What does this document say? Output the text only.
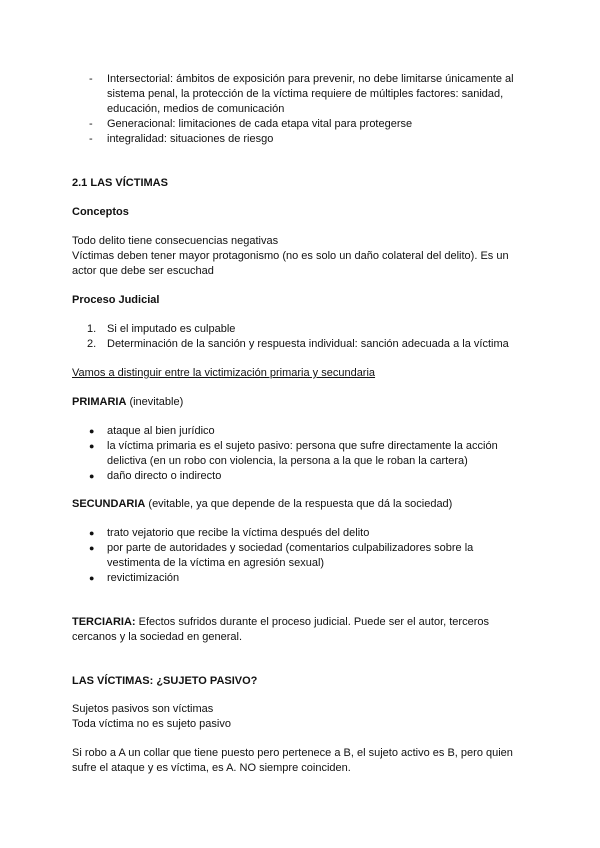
- Intersectorial: ámbitos de exposición para prevenir, no debe limitarse únicamente al sistema penal, la protección de la víctima requiere de múltiples factores: sanidad, educación, medios de comunicación
- Generacional: limitaciones de cada etapa vital para protegerse
- integralidad: situaciones de riesgo
2.1 LAS VÍCTIMAS
Conceptos
Todo delito tiene consecuencias negativas
Víctimas deben tener mayor protagonismo (no es solo un daño colateral del delito). Es un actor que debe ser escuchad
Proceso Judicial
1. Si el imputado es culpable
2. Determinación de la sanción y respuesta individual: sanción adecuada a la víctima
Vamos a distinguir entre la victimización primaria y secundaria
PRIMARIA (inevitable)
● ataque al bien jurídico
● la víctima primaria es el sujeto pasivo: persona que sufre directamente la acción delictiva (en un robo con violencia, la persona a la que le roban la cartera)
● daño directo o indirecto
SECUNDARIA (evitable, ya que depende de la respuesta que dá la sociedad)
● trato vejatorio que recibe la víctima después del delito
● por parte de autoridades y sociedad (comentarios culpabilizadores sobre la vestimenta de la víctima en agresión sexual)
● revictimización
TERCIARIA: Efectos sufridos durante el proceso judicial. Puede ser el autor, terceros cercanos y la sociedad en general.
LAS VÍCTIMAS: ¿SUJETO PASIVO?
Sujetos pasivos son víctimas
Toda víctima no es sujeto pasivo
Si robo a A un collar que tiene puesto pero pertenece a B, el sujeto activo es B, pero quien sufre el ataque y es víctima, es A. NO siempre coinciden.
